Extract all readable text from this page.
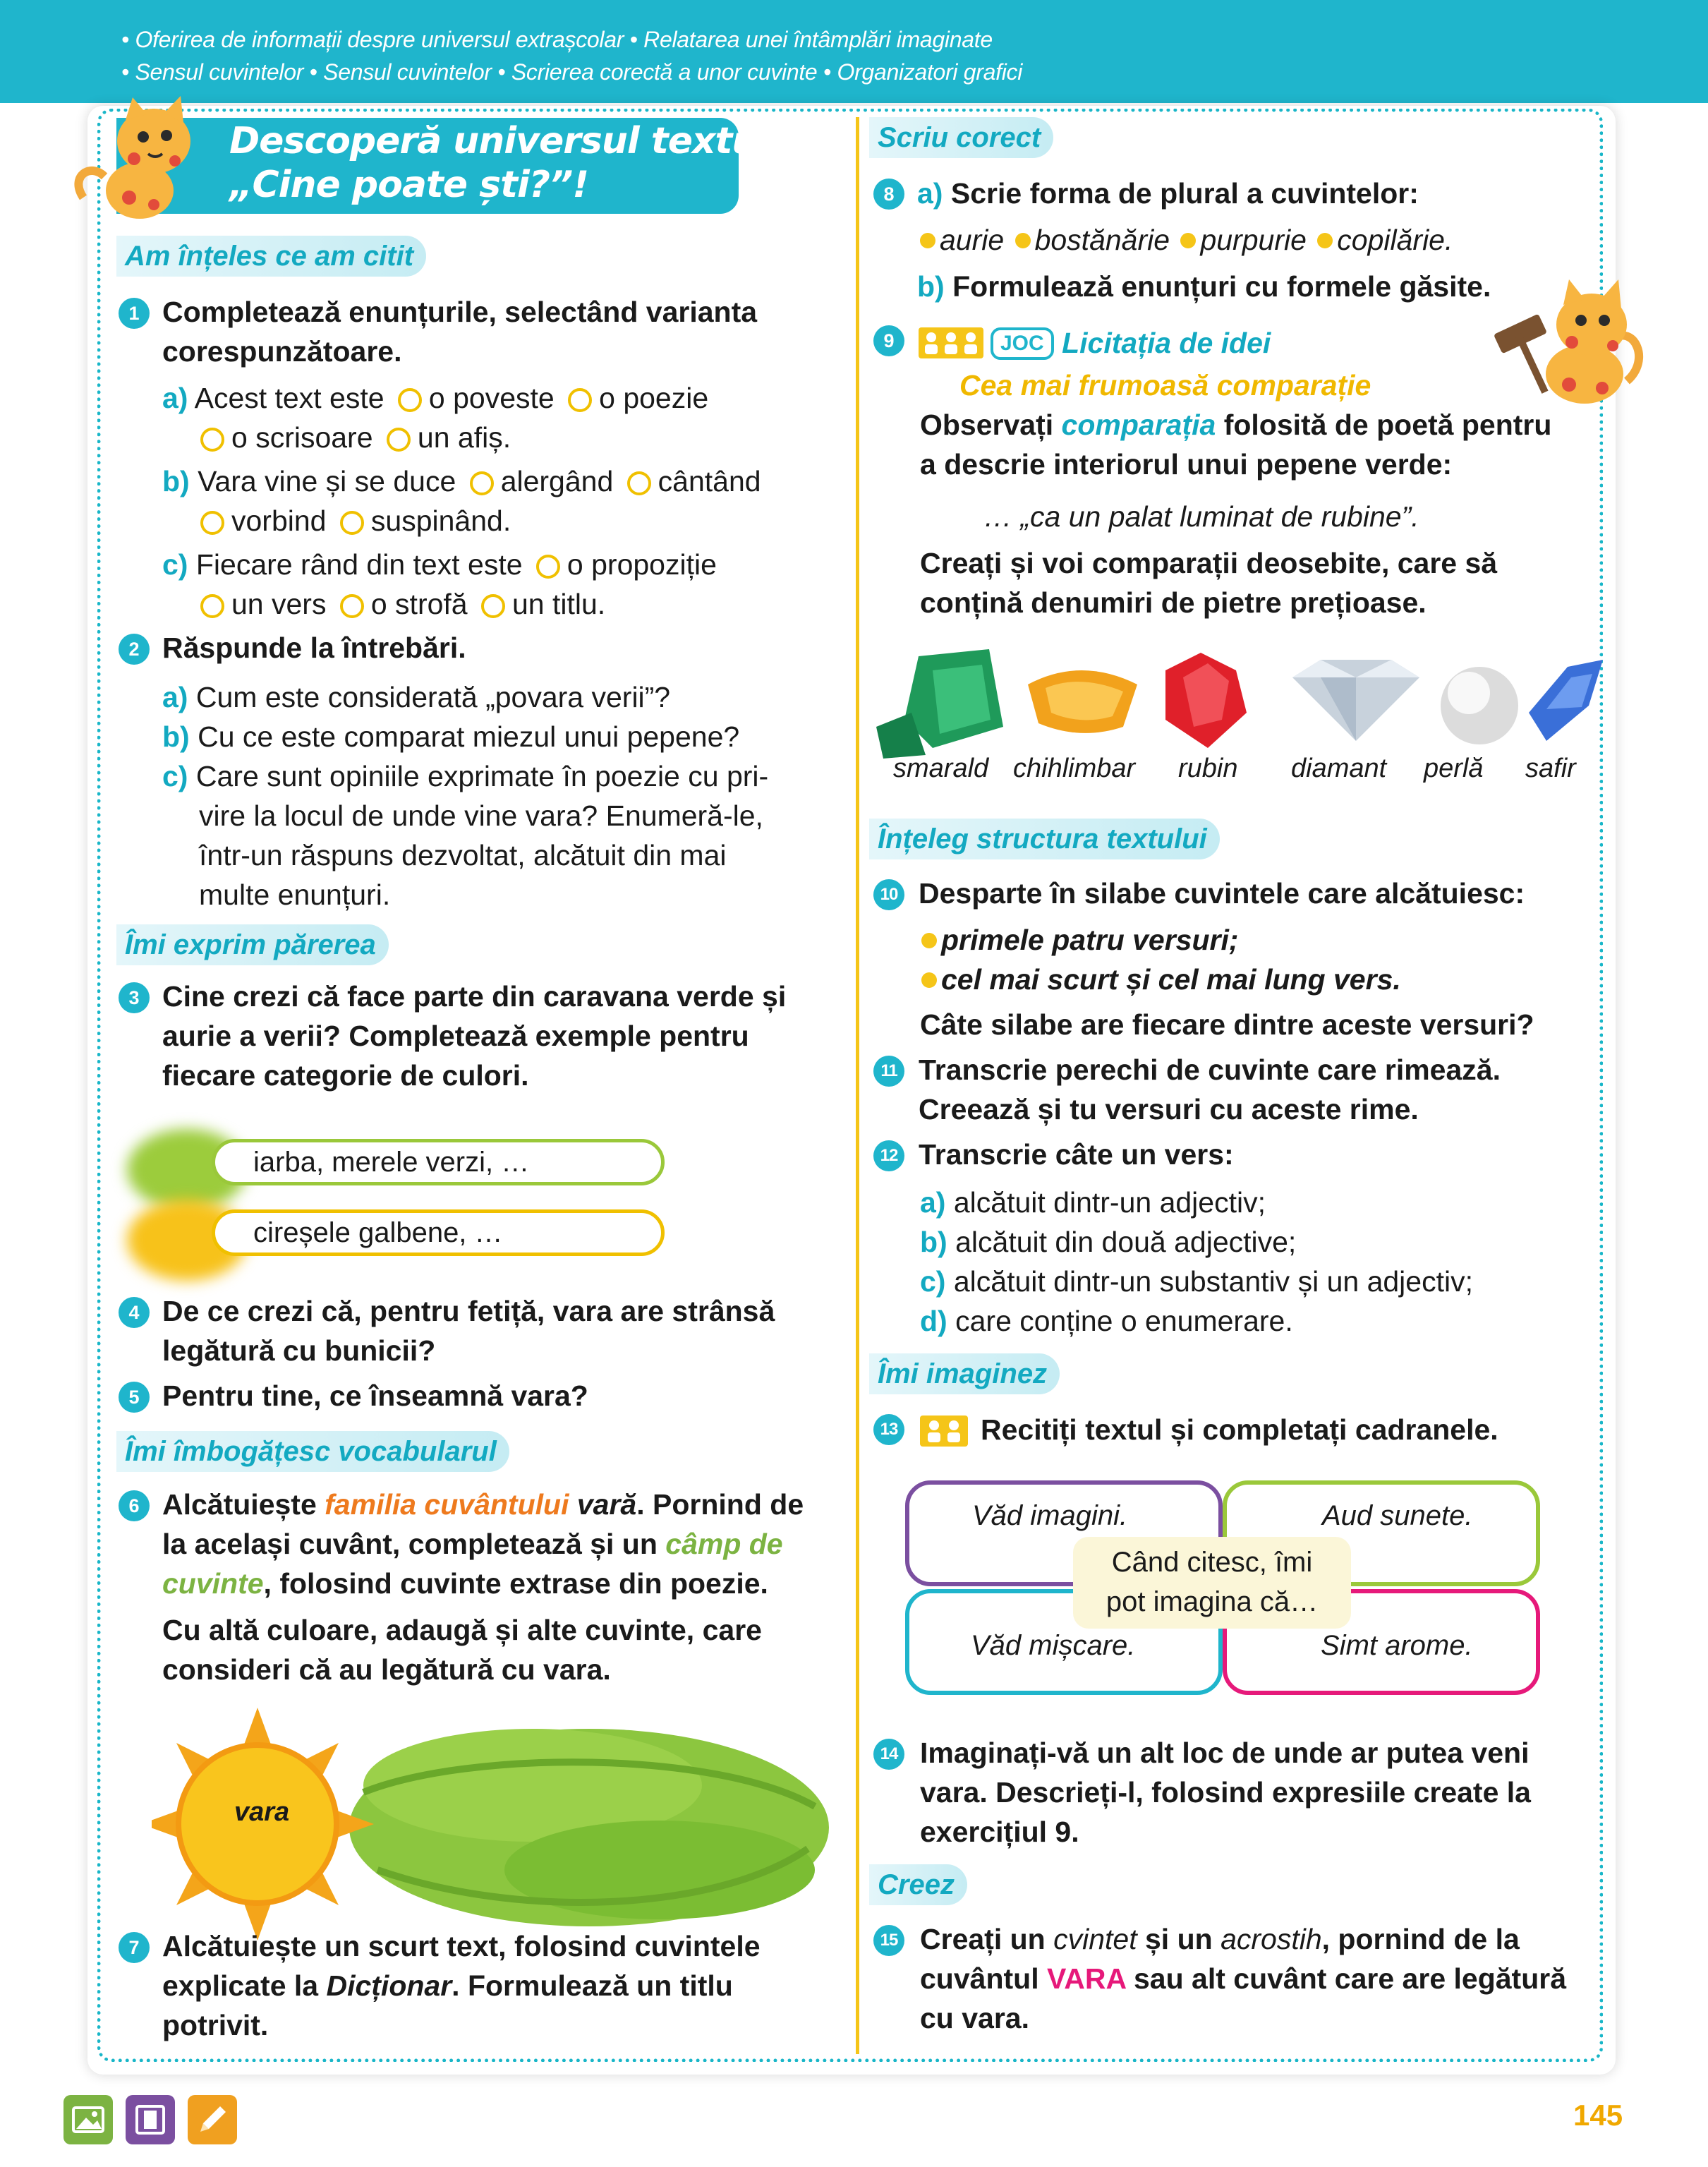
• Oferirea de informații despre universul extrașcolar • Relatarea unei întâmplări imaginate
• Sensul cuvintelor • Sensul cuvintelor • Scrierea corectă a unor cuvinte • Organizatori grafici
Descoperă universul textului
„Cine poate ști?”!
Am înțeles ce am citit
1 Completează enunțurile, selectând varianta
corespunzătoare.
a) Acest text este o poveste o poezie
o scrisoare un afiș.
b) Vara vine și se duce alergând cântând
vorbind suspinând.
c) Fiecare rând din text este o propoziție
un vers o strofă un titlu.
2 Răspunde la întrebări.
a) Cum este considerată „povara verii”?
b) Cu ce este comparat miezul unui pepene?
c) Care sunt opiniile exprimate în poezie cu pri-
vire la locul de unde vine vara? Enumeră-le,
într-un răspuns dezvoltat, alcătuit din mai
multe enunțuri.
Îmi exprim părerea
3 Cine crezi că face parte din caravana verde și
aurie a verii? Completează exemple pentru
fiecare categorie de culori.
iarba, merele verzi, …
cireșele galbene, …
4 De ce crezi că, pentru fetiță, vara are strânsă
legătură cu bunicii?
5 Pentru tine, ce înseamnă vara?
Îmi îmbogățesc vocabularul
6 Alcătuiește familia cuvântului vară. Pornind de
la același cuvânt, completează și un câmp de
cuvinte, folosind cuvinte extrase din poezie.
Cu altă culoare, adaugă și alte cuvinte, care
consideri că au legătură cu vara.
vara
7 Alcătuiește un scurt text, folosind cuvintele
explicate la Dicționar. Formulează un titlu
potrivit.
Scriu corect
8 a) Scrie forma de plural a cuvintelor:
aurie bostănărie purpurie copilărie.
b) Formulează enunțuri cu formele găsite.
9	JOC Licitația de idei
Cea mai frumoasă comparație
Observați comparația folosită de poetă pentru
a descrie interiorul unui pepene verde:
… „ca un palat luminat de rubine”.
Creați și voi comparații deosebite, care să
conțină denumiri de pietre prețioase.
smarald chihlimbar rubin diamant perlă safir
Înțeleg structura textului
10 Desparte în silabe cuvintele care alcătuiesc:
primele patru versuri;
cel mai scurt și cel mai lung vers.
Câte silabe are fiecare dintre aceste versuri?
11 Transcrie perechi de cuvinte care rimează.
Creează și tu versuri cu aceste rime.
12 Transcrie câte un vers:
a) alcătuit dintr-un adjectiv;
b) alcătuit din două adjective;
c) alcătuit dintr-un substantiv și un adjectiv;
d) care conține o enumerare.
Îmi imaginez
13	Recitiți textul și completați cadranele.
Văd imagini.	Aud sunete.
Văd mișcare.	Simt arome.
Când citesc, îmi
pot imagina că…
14 Imaginați-vă un alt loc de unde ar putea veni
vara. Descrieți-l, folosind expresiile create la
exercițiul 9.
Creez
15 Creați un cvintet și un acrostih, pornind de la
cuvântul VARA sau alt cuvânt care are legătură
cu vara.
145
